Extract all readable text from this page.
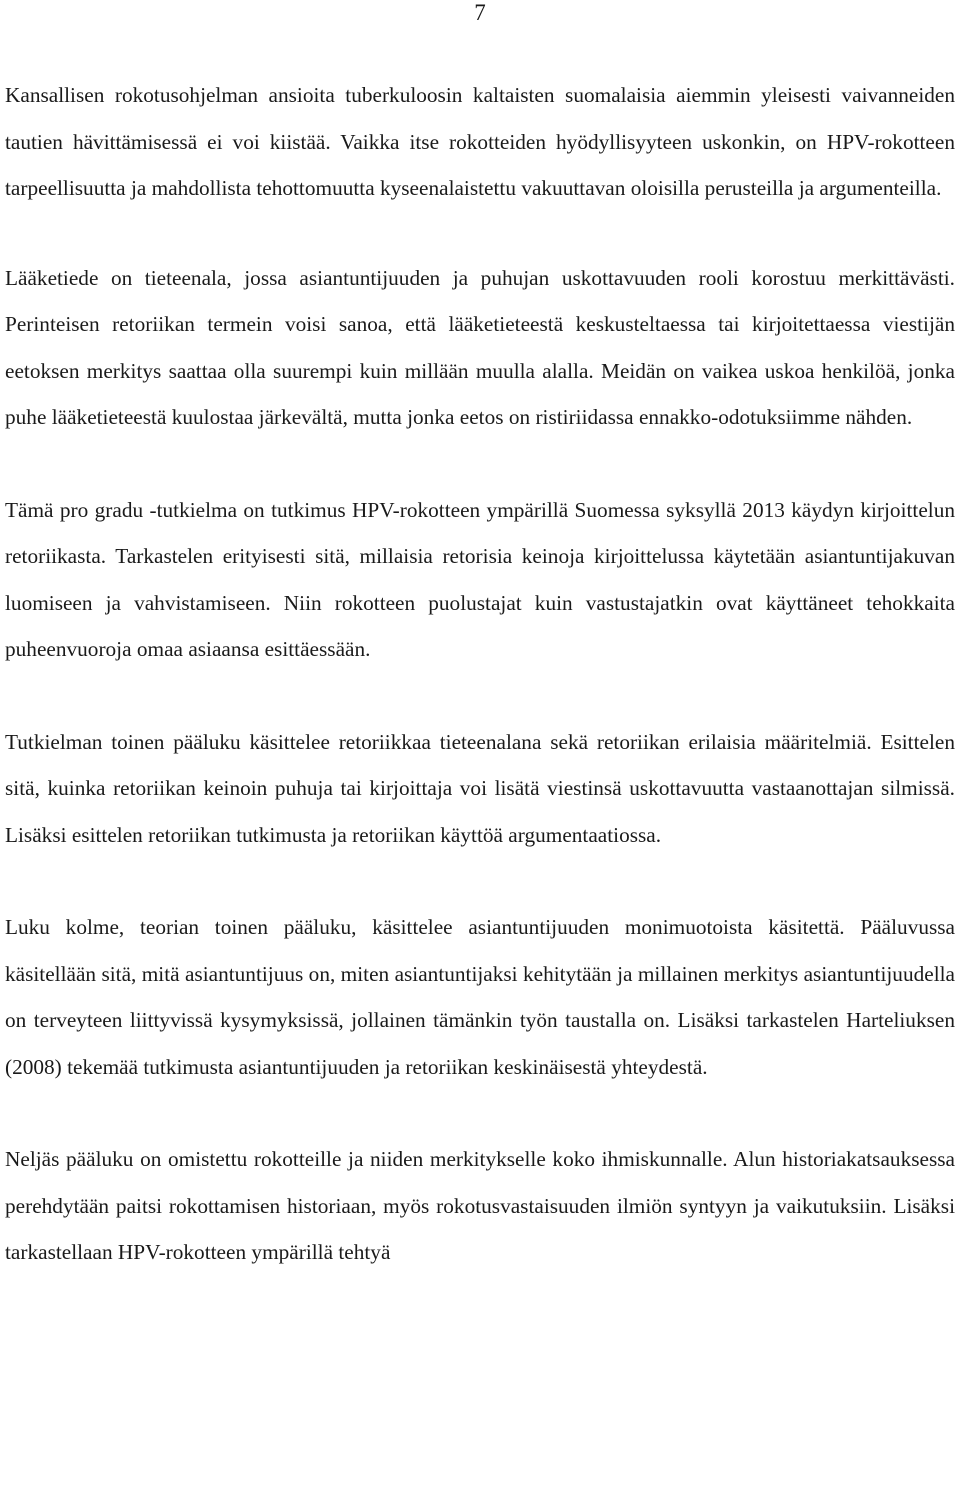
7

Kansallisen rokotusohjelman ansioita tuberkuloosin kaltaisten suomalaisia aiemmin yleisesti vaivanneiden tautien hävittämisessä ei voi kiistää. Vaikka itse rokotteiden hyödyllisyyteen uskonkin, on HPV-rokotteen tarpeellisuutta ja mahdollista tehottomuutta kyseenalaistettu vakuuttavan oloisilla perusteilla ja argumenteilla.

Lääketiede on tieteenala, jossa asiantuntijuuden ja puhujan uskottavuuden rooli korostuu merkittävästi. Perinteisen retoriikan termein voisi sanoa, että lääketieteestä keskusteltaessa tai kirjoitettaessa viestijän eetoksen merkitys saattaa olla suurempi kuin millään muulla alalla. Meidän on vaikea uskoa henkilöä, jonka puhe lääketieteestä kuulostaa järkevältä, mutta jonka eetos on ristiriidassa ennakko-odotuksiimme nähden.

Tämä pro gradu -tutkielma on tutkimus HPV-rokotteen ympärillä Suomessa syksyllä 2013 käydyn kirjoittelun retoriikasta. Tarkastelen erityisesti sitä, millaisia retorisia keinoja kirjoittelussa käytetään asiantuntijakuvan luomiseen ja vahvistamiseen. Niin rokotteen puolustajat kuin vastustajatkin ovat käyttäneet tehokkaita puheenvuoroja omaa asiaansa esittäessään.

Tutkielman toinen pääluku käsittelee retoriikkaa tieteenalana sekä retoriikan erilaisia määritelmiä. Esittelen sitä, kuinka retoriikan keinoin puhuja tai kirjoittaja voi lisätä viestinsä uskottavuutta vastaanottajan silmissä. Lisäksi esittelen retoriikan tutkimusta ja retoriikan käyttöä argumentaatiossa.

Luku kolme, teorian toinen pääluku, käsittelee asiantuntijuuden monimuotoista käsitettä. Pääluvussa käsitellään sitä, mitä asiantuntijuus on, miten asiantuntijaksi kehitytään ja millainen merkitys asiantuntijuudella on terveyteen liittyvissä kysymyksissä, jollainen tämänkin työn taustalla on. Lisäksi tarkastelen Harteliuksen (2008) tekemää tutkimusta asiantuntijuuden ja retoriikan keskinäisestä yhteydestä.

Neljäs pääluku on omistettu rokotteille ja niiden merkitykselle koko ihmiskunnalle. Alun historiakatsauksessa perehdytään paitsi rokottamisen historiaan, myös rokotusvastaisuuden ilmiön syntyyn ja vaikutuksiin. Lisäksi tarkastellaan HPV-rokotteen ympärillä tehtyä
